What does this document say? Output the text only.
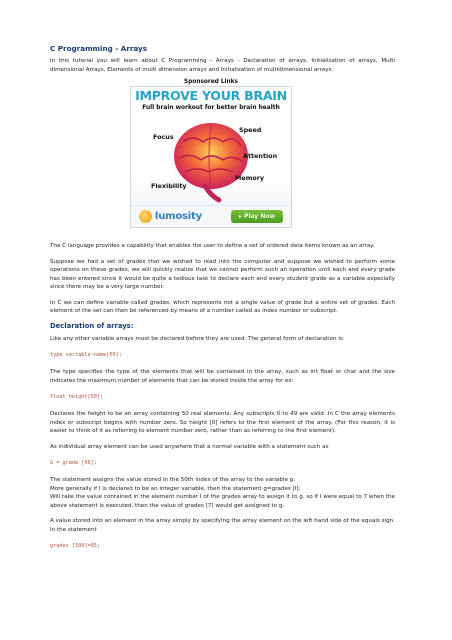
C Programming - Arrays

In this tutorial you will learn about C Programming - Arrays - Declaration of arrays, Initialization of arrays, Multi dimensional Arrays, Elements of multi dimension arrays and Initialization of multidimensional arrays.

Sponsored Links
IMPROVE YOUR BRAIN
Full brain workout for better brain health
Focus
Speed
Attention
Memory
Flexibility
lumosity	▸ Play Now

The C language provides a capability that enables the user to define a set of ordered data items known as an array.

Suppose we had a set of grades that we wished to read into the computer and suppose we wished to perform some operations on these grades, we will quickly realize that we cannot perform such an operation until each and every grade has been entered since it would be quite a tedious task to declare each and every student grade as a variable especially since there may be a very large number.

In C we can define variable called grades, which represents not a single value of grade but a entire set of grades. Each element of the set can then be referenced by means of a number called as index number or subscript.

Declaration of arrays:

Like any other variable arrays must be declared before they are used. The general form of declaration is:

type variable-name[50];

The type specifies the type of the elements that will be contained in the array, such as int float or char and the size indicates the maximum number of elements that can be stored inside the array for ex:

float height[50];

Declares the height to be an array containing 50 real elements. Any subscripts 0 to 49 are valid. In C the array elements index or subscript begins with number zero. So height [0] refers to the first element of the array. (For this reason, it is easier to think of it as referring to element number zero, rather than as referring to the first element).

As individual array element can be used anywhere that a normal variable with a statement such as

G = grade [50];

The statement assigns the value stored in the 50th index of the array to the variable g.

More generally if I is declared to be an integer variable, then the statement g=grades [I];

Will take the value contained in the element number I of the grades array to assign it to g. so if I were equal to 7 when the above statement is executed, then the value of grades [7] would get assigned to g.

A value stored into an element in the array simply by specifying the array element on the left hand side of the equals sign. In the statement

grades [100]=95;
